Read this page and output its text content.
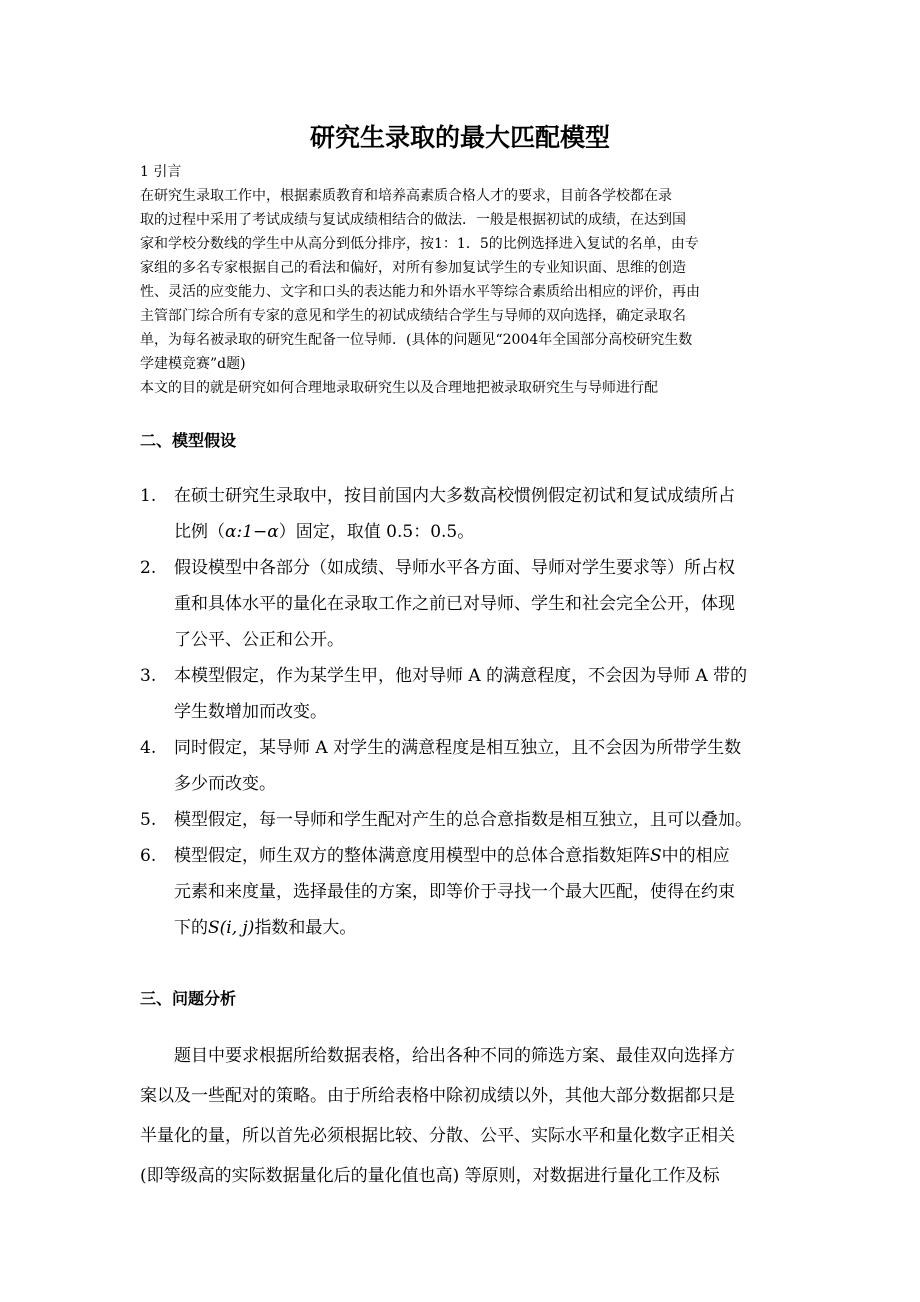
研究生录取的最大匹配模型
1 引言
在研究生录取工作中，根据素质教育和培养高素质合格人才的要求，目前各学校都在录
取的过程中采用了考试成绩与复试成绩相结合的做法．一般是根据初试的成绩，在达到国
家和学校分数线的学生中从高分到低分排序，按1：1．5的比例选择进入复试的名单，由专
家组的多名专家根据自己的看法和偏好，对所有参加复试学生的专业知识面、思维的创造
性、灵活的应变能力、文字和口头的表达能力和外语水平等综合素质给出相应的评价，再由
主管部门综合所有专家的意见和学生的初试成绩结合学生与导师的双向选择，确定录取名
单，为每名被录取的研究生配备一位导师．(具体的问题见“2004年全国部分高校研究生数
学建模竞赛”d题)
本文的目的就是研究如何合理地录取研究生以及合理地把被录取研究生与导师进行配
二、模型假设
1. 在硕士研究生录取中，按目前国内大多数高校惯例假定初试和复试成绩所占
比例（α:1−α）固定，取值 0.5：0.5。
2. 假设模型中各部分（如成绩、导师水平各方面、导师对学生要求等）所占权
重和具体水平的量化在录取工作之前已对导师、学生和社会完全公开，体现
了公平、公正和公开。
3. 本模型假定，作为某学生甲，他对导师 A 的满意程度，不会因为导师 A 带的
学生数增加而改变。
4. 同时假定，某导师 A 对学生的满意程度是相互独立，且不会因为所带学生数
多少而改变。
5. 模型假定，每一导师和学生配对产生的总合意指数是相互独立，且可以叠加。
6. 模型假定，师生双方的整体满意度用模型中的总体合意指数矩阵S中的相应
元素和来度量，选择最佳的方案，即等价于寻找一个最大匹配，使得在约束
下的S(i, j)指数和最大。
三、问题分析
　　题目中要求根据所给数据表格，给出各种不同的筛选方案、最佳双向选择方
案以及一些配对的策略。由于所给表格中除初成绩以外，其他大部分数据都只是
半量化的量，所以首先必须根据比较、分散、公平、实际水平和量化数字正相关
(即等级高的实际数据量化后的量化值也高) 等原则，对数据进行量化工作及标
